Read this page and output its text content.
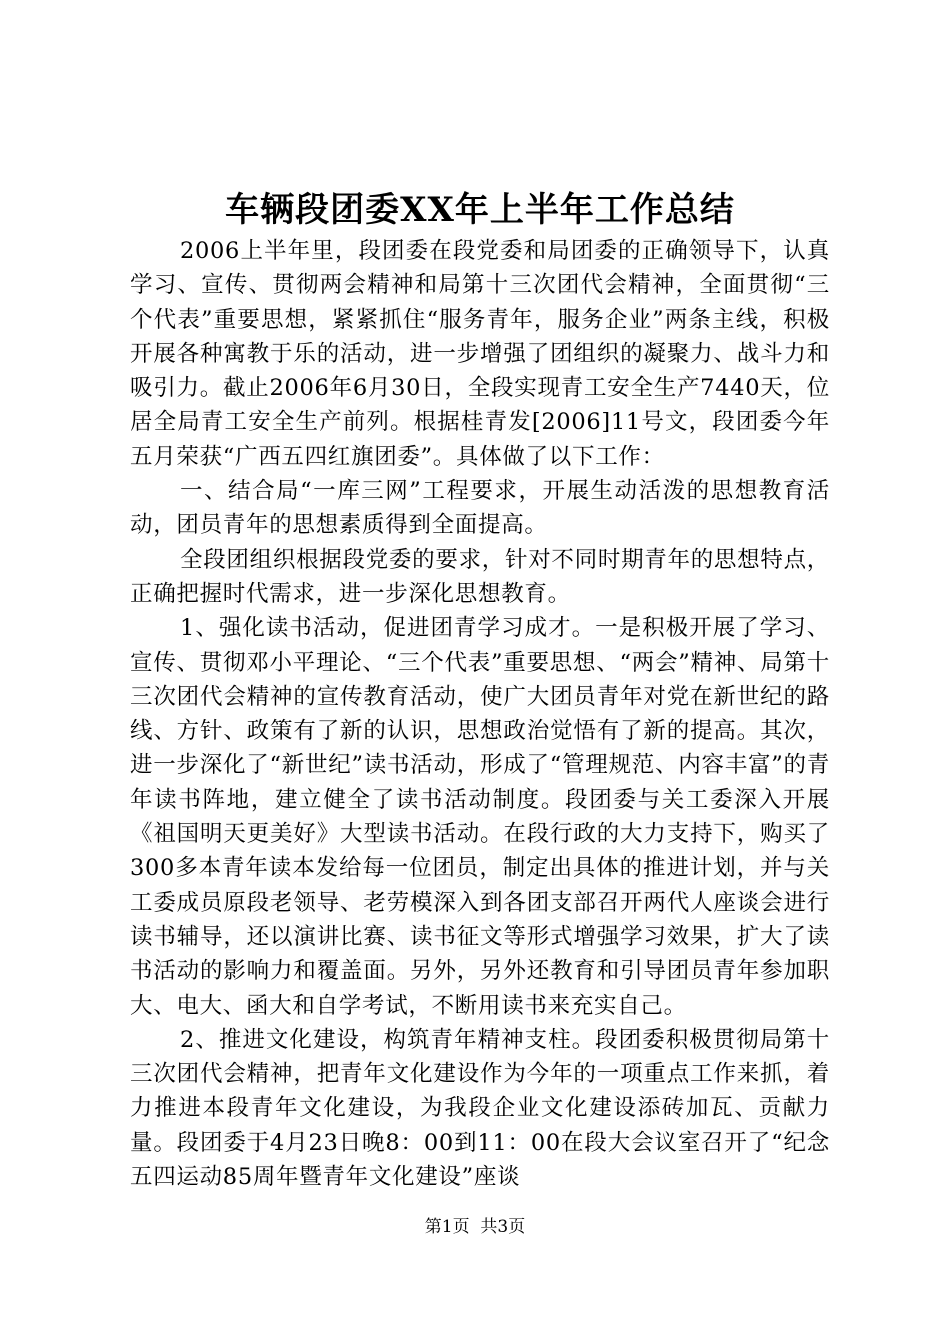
车辆段团委XX年上半年工作总结

2006上半年里，段团委在段党委和局团委的正确领导下，认真学习、宣传、贯彻两会精神和局第十三次团代会精神，全面贯彻“三个代表”重要思想，紧紧抓住“服务青年，服务企业”两条主线，积极开展各种寓教于乐的活动，进一步增强了团组织的凝聚力、战斗力和吸引力。截止2006年6月30日，全段实现青工安全生产7440天，位居全局青工安全生产前列。根据桂青发[2006]11号文，段团委今年五月荣获“广西五四红旗团委”。具体做了以下工作：

一、结合局“一库三网”工程要求，开展生动活泼的思想教育活动，团员青年的思想素质得到全面提高。

全段团组织根据段党委的要求，针对不同时期青年的思想特点，正确把握时代需求，进一步深化思想教育。

1、强化读书活动，促进团青学习成才。一是积极开展了学习、宣传、贯彻邓小平理论、“三个代表”重要思想、“两会”精神、局第十三次团代会精神的宣传教育活动，使广大团员青年对党在新世纪的路线、方针、政策有了新的认识，思想政治觉悟有了新的提高。其次，进一步深化了“新世纪”读书活动，形成了“管理规范、内容丰富”的青年读书阵地，建立健全了读书活动制度。段团委与关工委深入开展《祖国明天更美好》大型读书活动。在段行政的大力支持下，购买了300多本青年读本发给每一位团员，制定出具体的推进计划，并与关工委成员原段老领导、老劳模深入到各团支部召开两代人座谈会进行读书辅导，还以演讲比赛、读书征文等形式增强学习效果，扩大了读书活动的影响力和覆盖面。另外，另外还教育和引导团员青年参加职大、电大、函大和自学考试，不断用读书来充实自己。

2、推进文化建设，构筑青年精神支柱。段团委积极贯彻局第十三次团代会精神，把青年文化建设作为今年的一项重点工作来抓，着力推进本段青年文化建设，为我段企业文化建设添砖加瓦、贡献力量。段团委于4月23日晚8：00到11：00在段大会议室召开了“纪念五四运动85周年暨青年文化建设”座谈

第1页 共3页
